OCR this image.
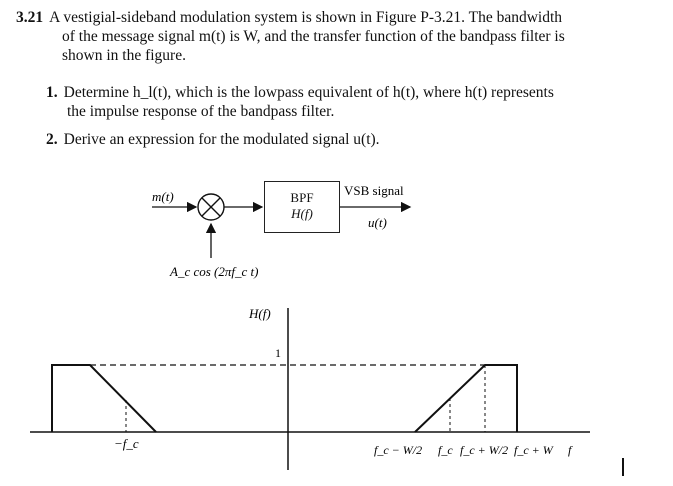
3.21 A vestigial-sideband modulation system is shown in Figure P-3.21. The bandwidth
of the message signal m(t) is W, and the transfer function of the bandpass filter is
shown in the figure.
1. Determine h_l(t), which is the lowpass equivalent of h(t), where h(t) represents
the impulse response of the bandpass filter.
2. Derive an expression for the modulated signal u(t).
m(t)
A_c cos (2πf_c t)
VSB signal
u(t)
H(f)
1
−f_c	f_c − W/2 f_c f_c + W/2 f_c + W f
BPF
H(f)
